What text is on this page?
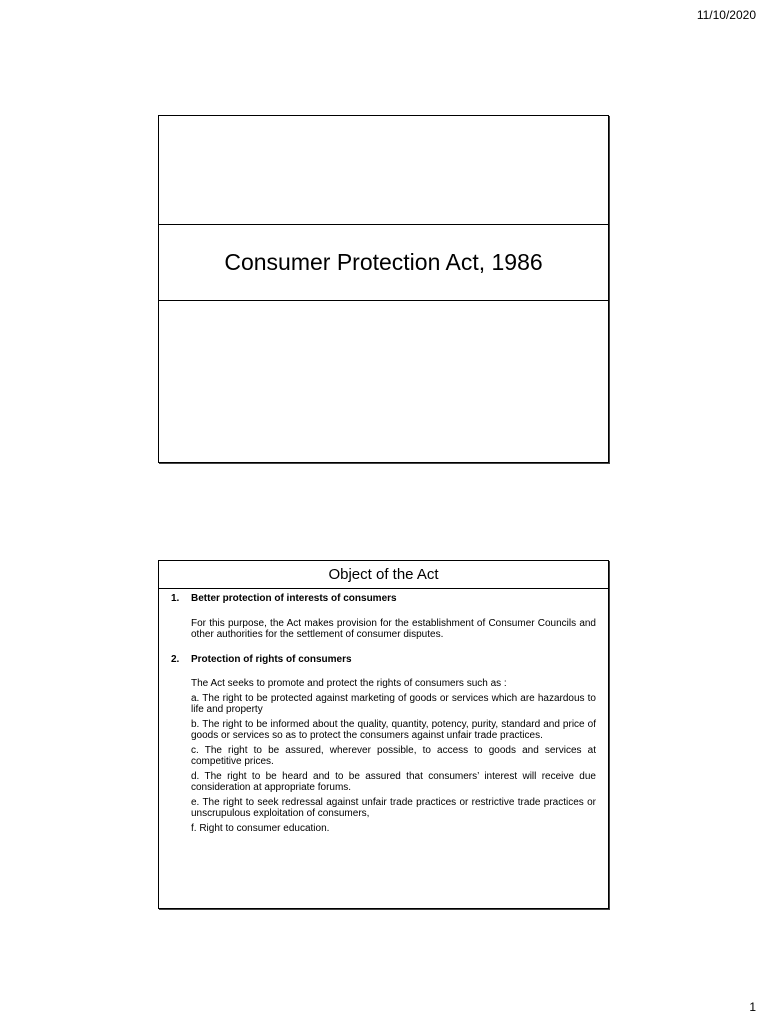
11/10/2020
Consumer Protection Act, 1986
Object of the Act
1.	Better protection of interests of consumers
For this purpose, the Act makes provision for the establishment of Consumer Councils and other authorities for the settlement of consumer disputes.
2.	Protection of rights of consumers
The Act seeks to promote and protect the rights of consumers such as :
a. The right to be protected against marketing of goods or services which are hazardous to life and property
b. The right to be informed about the quality, quantity, potency, purity, standard and price of goods or services so as to protect the consumers against unfair trade practices.
c. The right to be assured, wherever possible, to access to goods and services at competitive prices.
d. The right to be heard and to be assured that consumers’ interest will receive due consideration at appropriate forums.
e. The right to seek redressal against unfair trade practices or restrictive trade practices or unscrupulous exploitation of consumers,
f. Right to consumer education.
1
